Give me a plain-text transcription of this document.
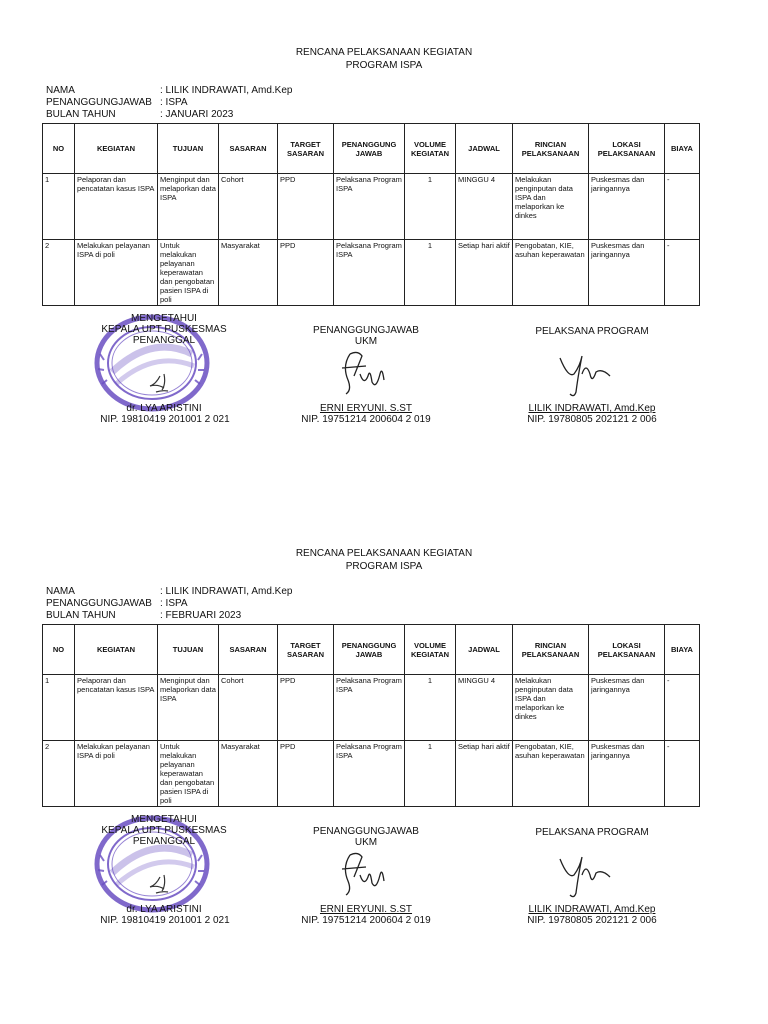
RENCANA PELAKSANAAN KEGIATAN
PROGRAM ISPA
NAMA	: LILIK INDRAWATI, Amd.Kep
PENANGGUNGJAWAB : ISPA
BULAN TAHUN	: JANUARI 2023
NO	KEGIATAN	TUJUAN	SASARAN	TARGET SASARAN	PENANGGUNG JAWAB	VOLUME KEGIATAN	JADWAL	RINCIAN PELAKSANAAN	LOKASI PELAKSANAAN	BIAYA
1	Pelaporan dan pencatatan kasus ISPA	Menginput dan melaporkan data ISPA	Cohort	PPD	Pelaksana Program ISPA	1	MINGGU 4	Melakukan penginputan data ISPA dan melaporkan ke dinkes	Puskesmas dan jaringannya	-
2	Melakukan pelayanan ISPA di poli	Untuk melakukan pelayanan keperawatan dan pengobatan pasien ISPA di poli	Masyarakat	PPD	Pelaksana Program ISPA	1	Setiap hari aktif	Pengobatan, KIE, asuhan keperawatan	Puskesmas dan jaringannya	-
MENGETAHUI
KEPALA UPT PUSKESMAS
PENANGGAL
PENANGGUNGJAWAB
UKM
PELAKSANA PROGRAM
dr. LYA ARISTINI	ERNI ERYUNI. S.ST	LILIK INDRAWATI, Amd.Kep
NIP. 19810419 201001 2 021	NIP. 19751214 200604 2 019	NIP. 19780805 202121 2 006
RENCANA PELAKSANAAN KEGIATAN
PROGRAM ISPA
NAMA	: LILIK INDRAWATI, Amd.Kep
PENANGGUNGJAWAB : ISPA
BULAN TAHUN	: FEBRUARI 2023
NO	KEGIATAN	TUJUAN	SASARAN	TARGET SASARAN	PENANGGUNG JAWAB	VOLUME KEGIATAN	JADWAL	RINCIAN PELAKSANAAN	LOKASI PELAKSANAAN	BIAYA
1	Pelaporan dan pencatatan kasus ISPA	Menginput dan melaporkan data ISPA	Cohort	PPD	Pelaksana Program ISPA	1	MINGGU 4	Melakukan penginputan data ISPA dan melaporkan ke dinkes	Puskesmas dan jaringannya	-
2	Melakukan pelayanan ISPA di poli	Untuk melakukan pelayanan keperawatan dan pengobatan pasien ISPA di poli	Masyarakat	PPD	Pelaksana Program ISPA	1	Setiap hari aktif	Pengobatan, KIE, asuhan keperawatan	Puskesmas dan jaringannya	-
MENGETAHUI
KEPALA UPT PUSKESMAS
PENANGGAL
PENANGGUNGJAWAB
UKM
PELAKSANA PROGRAM
dr. LYA ARISTINI	ERNI ERYUNI. S.ST	LILIK INDRAWATI, Amd.Kep
NIP. 19810419 201001 2 021	NIP. 19751214 200604 2 019	NIP. 19780805 202121 2 006
